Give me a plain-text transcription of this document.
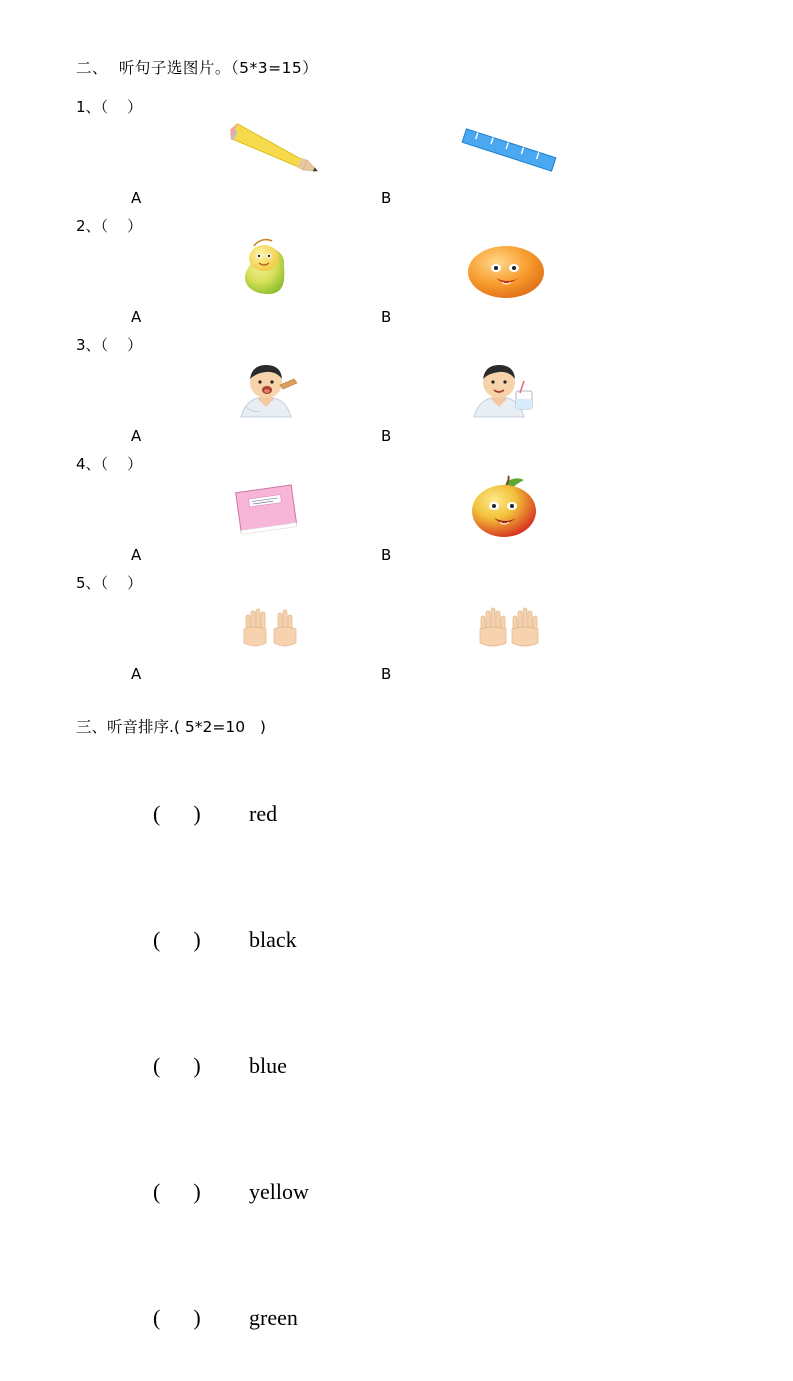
二、  听句子选图片。（5*3=15）

1、（    ）

A	B

2、（    ）

A	B

3、（    ）

A	B

4、（    ）

A	B

5、（    ）

A	B

三、听音排序.( 5*2=10   )

(      ) red

(      ) black

(      ) blue

(      ) yellow

(      ) green
